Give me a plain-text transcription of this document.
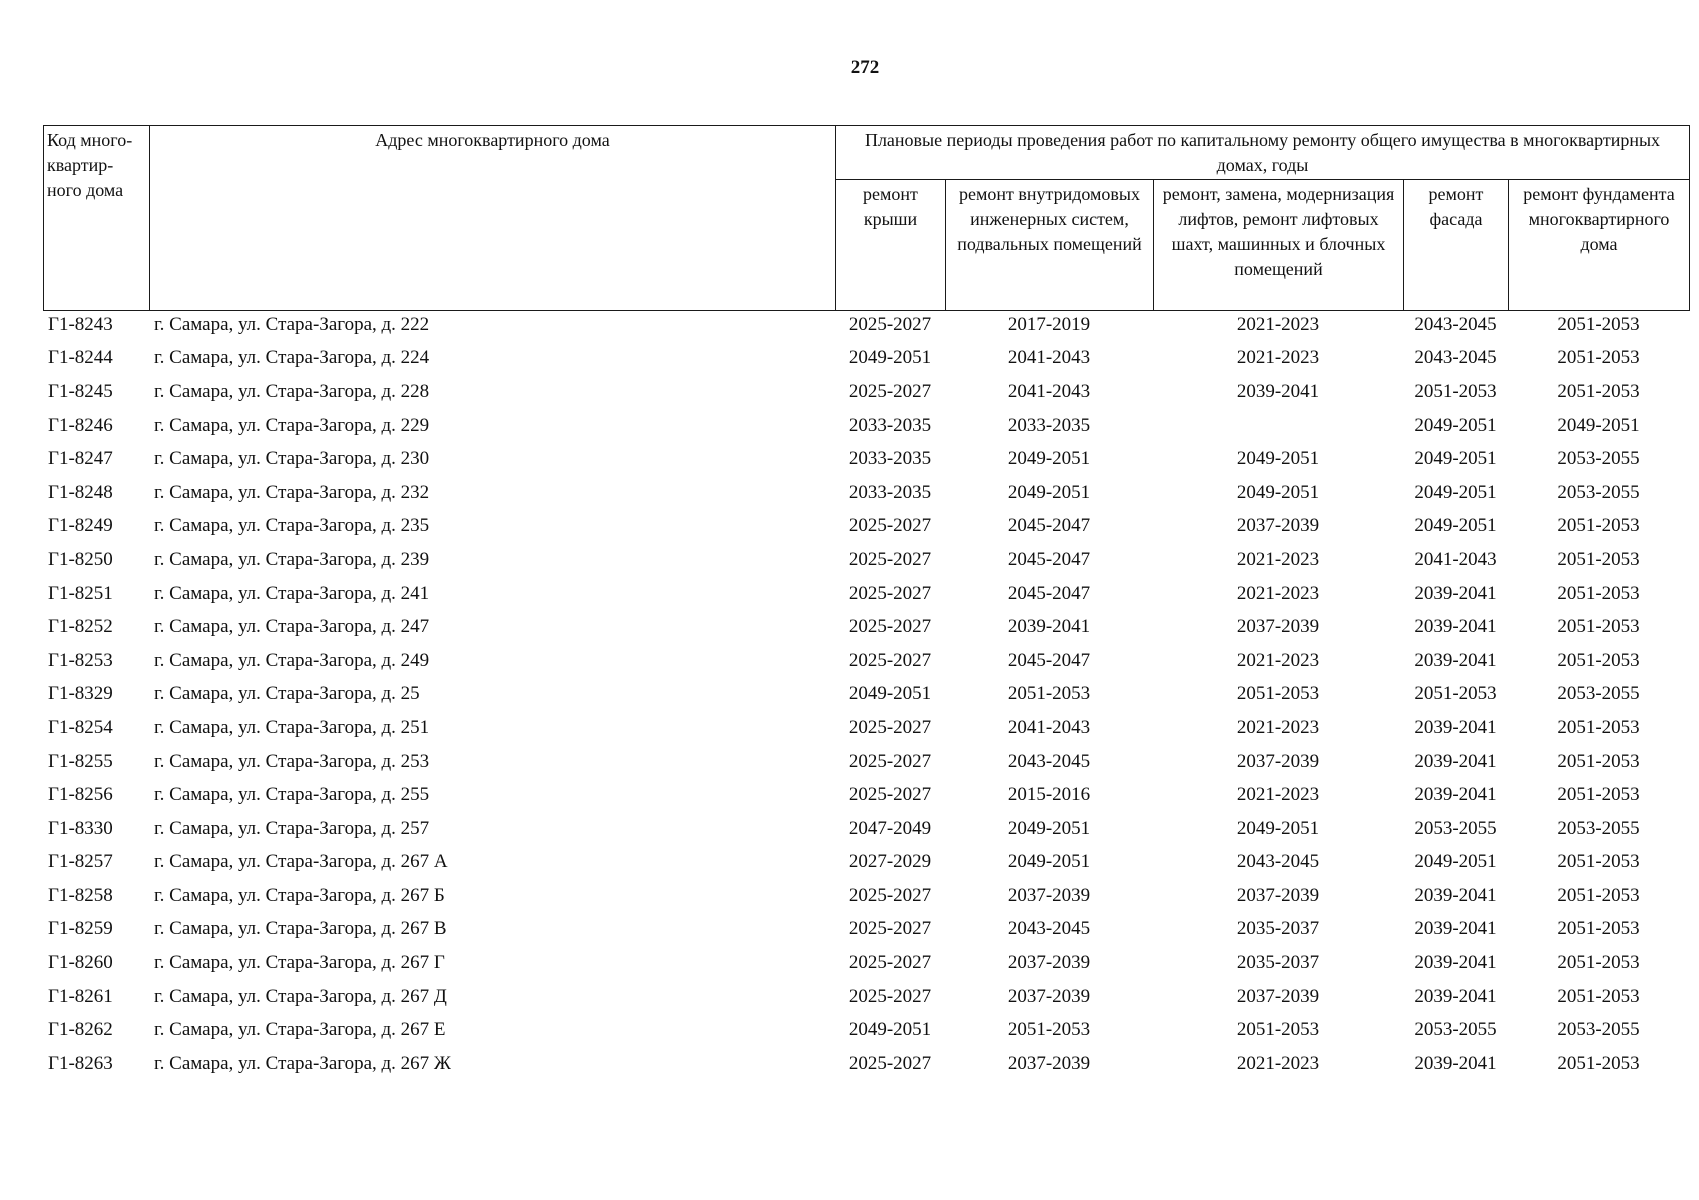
272
Код много-квартир-ного дома	Адрес многоквартирного дома	Плановые периоды проведения работ по капитальному ремонту общего имущества в многоквартирных домах, годы				
		ремонт крыши	ремонт внутридомовых инженерных систем, подвальных помещений	ремонт, замена, модернизация лифтов, ремонт лифтовых шахт, машинных и блочных помещений	ремонт фасада	ремонт фундамента многоквартирного дома
Г1-8243	г. Самара, ул. Стара-Загора, д. 222	2025-2027	2017-2019	2021-2023	2043-2045	2051-2053
Г1-8244	г. Самара, ул. Стара-Загора, д. 224	2049-2051	2041-2043	2021-2023	2043-2045	2051-2053
Г1-8245	г. Самара, ул. Стара-Загора, д. 228	2025-2027	2041-2043	2039-2041	2051-2053	2051-2053
Г1-8246	г. Самара, ул. Стара-Загора, д. 229	2033-2035	2033-2035		2049-2051	2049-2051
Г1-8247	г. Самара, ул. Стара-Загора, д. 230	2033-2035	2049-2051	2049-2051	2049-2051	2053-2055
Г1-8248	г. Самара, ул. Стара-Загора, д. 232	2033-2035	2049-2051	2049-2051	2049-2051	2053-2055
Г1-8249	г. Самара, ул. Стара-Загора, д. 235	2025-2027	2045-2047	2037-2039	2049-2051	2051-2053
Г1-8250	г. Самара, ул. Стара-Загора, д. 239	2025-2027	2045-2047	2021-2023	2041-2043	2051-2053
Г1-8251	г. Самара, ул. Стара-Загора, д. 241	2025-2027	2045-2047	2021-2023	2039-2041	2051-2053
Г1-8252	г. Самара, ул. Стара-Загора, д. 247	2025-2027	2039-2041	2037-2039	2039-2041	2051-2053
Г1-8253	г. Самара, ул. Стара-Загора, д. 249	2025-2027	2045-2047	2021-2023	2039-2041	2051-2053
Г1-8329	г. Самара, ул. Стара-Загора, д. 25	2049-2051	2051-2053	2051-2053	2051-2053	2053-2055
Г1-8254	г. Самара, ул. Стара-Загора, д. 251	2025-2027	2041-2043	2021-2023	2039-2041	2051-2053
Г1-8255	г. Самара, ул. Стара-Загора, д. 253	2025-2027	2043-2045	2037-2039	2039-2041	2051-2053
Г1-8256	г. Самара, ул. Стара-Загора, д. 255	2025-2027	2015-2016	2021-2023	2039-2041	2051-2053
Г1-8330	г. Самара, ул. Стара-Загора, д. 257	2047-2049	2049-2051	2049-2051	2053-2055	2053-2055
Г1-8257	г. Самара, ул. Стара-Загора, д. 267 А	2027-2029	2049-2051	2043-2045	2049-2051	2051-2053
Г1-8258	г. Самара, ул. Стара-Загора, д. 267 Б	2025-2027	2037-2039	2037-2039	2039-2041	2051-2053
Г1-8259	г. Самара, ул. Стара-Загора, д. 267 В	2025-2027	2043-2045	2035-2037	2039-2041	2051-2053
Г1-8260	г. Самара, ул. Стара-Загора, д. 267 Г	2025-2027	2037-2039	2035-2037	2039-2041	2051-2053
Г1-8261	г. Самара, ул. Стара-Загора, д. 267 Д	2025-2027	2037-2039	2037-2039	2039-2041	2051-2053
Г1-8262	г. Самара, ул. Стара-Загора, д. 267 Е	2049-2051	2051-2053	2051-2053	2053-2055	2053-2055
Г1-8263	г. Самара, ул. Стара-Загора, д. 267 Ж	2025-2027	2037-2039	2021-2023	2039-2041	2051-2053
